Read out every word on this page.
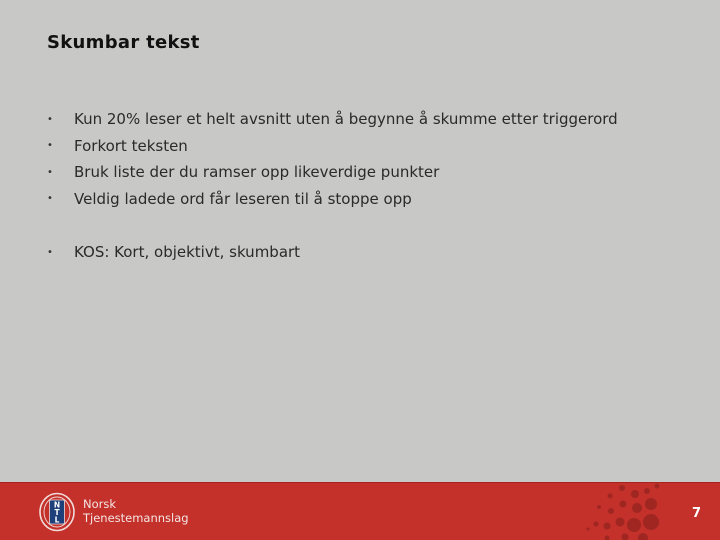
Skumbar tekst
•	Kun 20% leser et helt avsnitt uten å begynne å skumme etter triggerord
•	Forkort teksten
•	Bruk liste der du ramser opp likeverdige punkter
•	Veldig ladede ord får leseren til å stoppe opp
•	KOS: Kort, objektivt, skumbart
N
T
L
Norsk
Tjenestemannslag	7
